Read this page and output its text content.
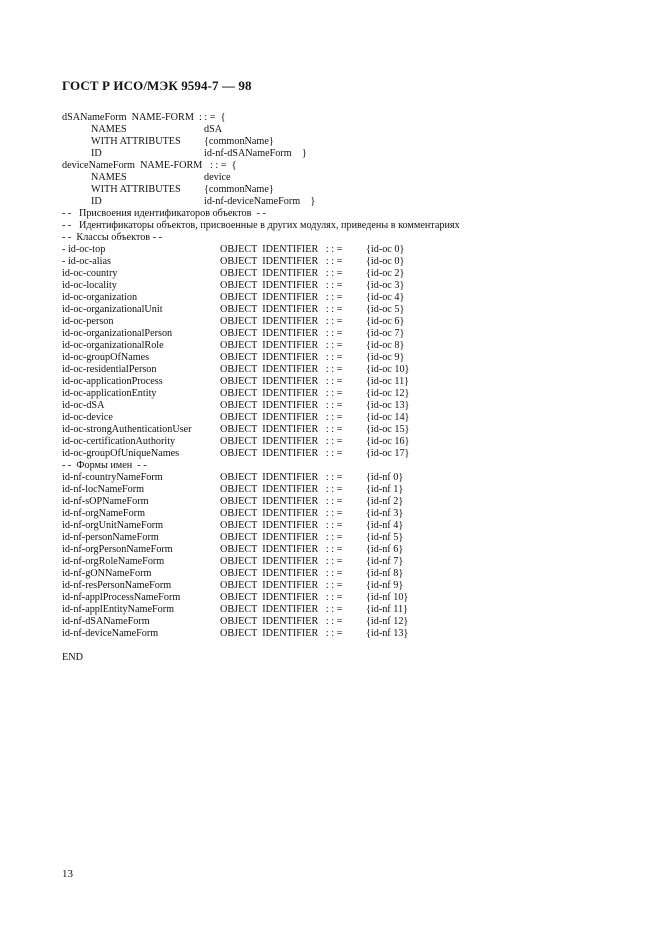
ГОСТ Р ИСО/МЭК 9594-7 — 98
dSANameForm  NAME-FORM  : : =  {
NAMES	dSA
WITH ATTRIBUTES {commonName}
ID	id-nf-dSANameForm    }
deviceNameForm  NAME-FORM   : : =  {
NAMES	device
WITH ATTRIBUTES {commonName}
ID	id-nf-deviceNameForm    }
- -   Присвоения идентификаторов объектов  - -
- -   Идентификаторы объектов, присвоенные в других модулях, приведены в комментариях
- -  Классы объектов - -
- id-oc-top	OBJECT  IDENTIFIER   : : = {id-oc 0}
- id-oc-alias	OBJECT  IDENTIFIER   : : = {id-oc 0}
id-oc-country	OBJECT  IDENTIFIER   : : = {id-oc 2}
id-oc-locality	OBJECT  IDENTIFIER   : : = {id-oc 3}
id-oc-organization	OBJECT  IDENTIFIER   : : = {id-oc 4}
id-oc-organizationalUnit	OBJECT  IDENTIFIER   : : = {id-oc 5}
id-oc-person	OBJECT  IDENTIFIER   : : = {id-oc 6}
id-oc-organizationalPerson	OBJECT  IDENTIFIER   : : = {id-oc 7}
id-oc-organizationalRole	OBJECT  IDENTIFIER   : : = {id-oc 8}
id-oc-groupOfNames	OBJECT  IDENTIFIER   : : = {id-oc 9}
id-oc-residentialPerson	OBJECT  IDENTIFIER   : : = {id-oc 10}
id-oc-applicationProcess	OBJECT  IDENTIFIER   : : = {id-oc 11}
id-oc-applicationEntity	OBJECT  IDENTIFIER   : : = {id-oc 12}
id-oc-dSA	OBJECT  IDENTIFIER   : : = {id-oc 13}
id-oc-device	OBJECT  IDENTIFIER   : : = {id-oc 14}
id-oc-strongAuthenticationUser	OBJECT  IDENTIFIER   : : = {id-oc 15}
id-oc-certificationAuthority	OBJECT  IDENTIFIER   : : = {id-oc 16}
id-oc-groupOfUniqueNames	OBJECT  IDENTIFIER   : : = {id-oc 17}
- -  Формы имен  - -
id-nf-countryNameForm	OBJECT  IDENTIFIER   : : = {id-nf 0}
id-nf-locNameForm	OBJECT  IDENTIFIER   : : = {id-nf 1}
id-nf-sOPNameForm	OBJECT  IDENTIFIER   : : = {id-nf 2}
id-nf-orgNameForm	OBJECT  IDENTIFIER   : : = {id-nf 3}
id-nf-orgUnitNameForm	OBJECT  IDENTIFIER   : : = {id-nf 4}
id-nf-personNameForm	OBJECT  IDENTIFIER   : : = {id-nf 5}
id-nf-orgPersonNameForm	OBJECT  IDENTIFIER   : : = {id-nf 6}
id-nf-orgRoleNameForm	OBJECT  IDENTIFIER   : : = {id-nf 7}
id-nf-gONNameForm	OBJECT  IDENTIFIER   : : = {id-nf 8}
id-nf-resPersonNameForm	OBJECT  IDENTIFIER   : : = {id-nf 9}
id-nf-applProcessNameForm	OBJECT  IDENTIFIER   : : = {id-nf 10}
id-nf-applEntityNameForm	OBJECT  IDENTIFIER   : : = {id-nf 11}
id-nf-dSANameForm	OBJECT  IDENTIFIER   : : = {id-nf 12}
id-nf-deviceNameForm	OBJECT  IDENTIFIER   : : = {id-nf 13}
END
13
